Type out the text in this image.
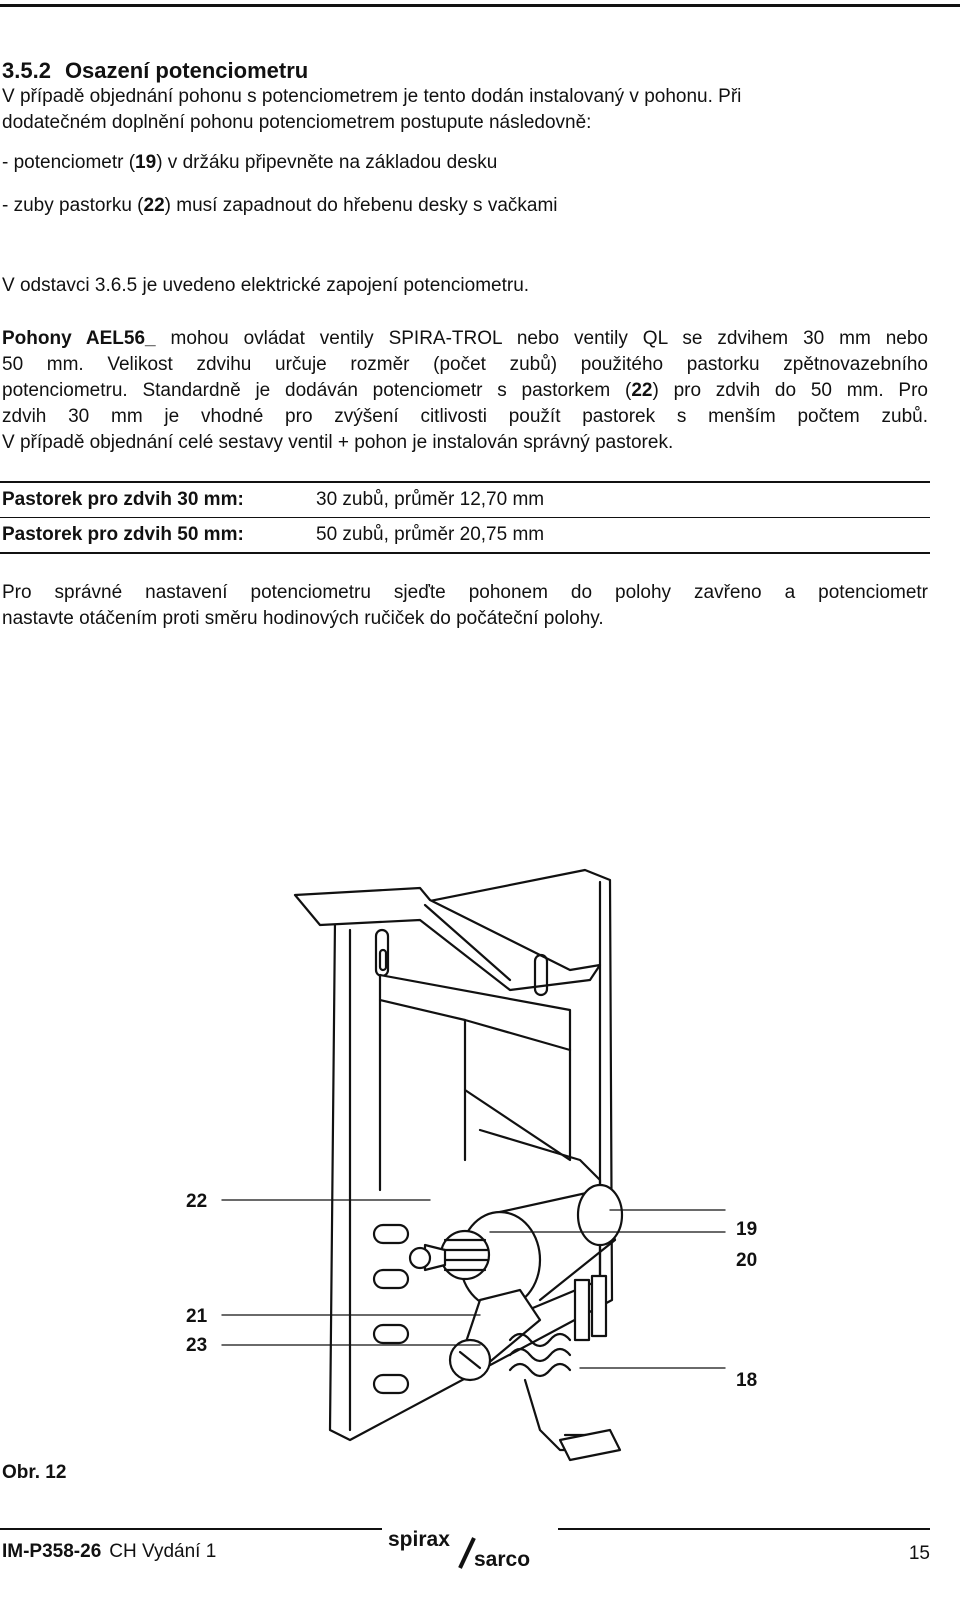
3.5.2 Osazení potenciometru
V případě objednání pohonu s potenciometrem je tento dodán instalovaný v pohonu. Při
dodatečném doplnění pohonu potenciometrem postupute následovně:
- potenciometr (19) v držáku připevněte na základou desku
- zuby pastorku (22) musí zapadnout do hřebenu desky s vačkami
V odstavci 3.6.5 je uvedeno elektrické zapojení potenciometru.
Pohony AEL56_ mohou ovládat ventily SPIRA-TROL nebo ventily QL se zdvihem 30 mm nebo
50 mm. Velikost zdvihu určuje rozměr (počet zubů) použitého pastorku zpětnovazebního
potenciometru. Standardně je dodáván potenciometr s pastorkem (22) pro zdvih do 50 mm. Pro
zdvih 30 mm je vhodné pro zvýšení citlivosti použít pastorek s menším počtem zubů.
V případě objednání celé sestavy ventil + pohon je instalován správný pastorek.
Pastorek pro zdvih 30 mm:	30 zubů, průměr 12,70 mm
Pastorek pro zdvih 50 mm:	50 zubů, průměr 20,75 mm
Pro správné nastavení potenciometru sjeďte pohonem do polohy zavřeno a potenciometr
nastavte otáčením proti směru hodinových ručiček do počáteční polohy.
22
19
20
21
23
18
Obr. 12
IM-P358-26 CH Vydání 1
spirax
sarco	15
